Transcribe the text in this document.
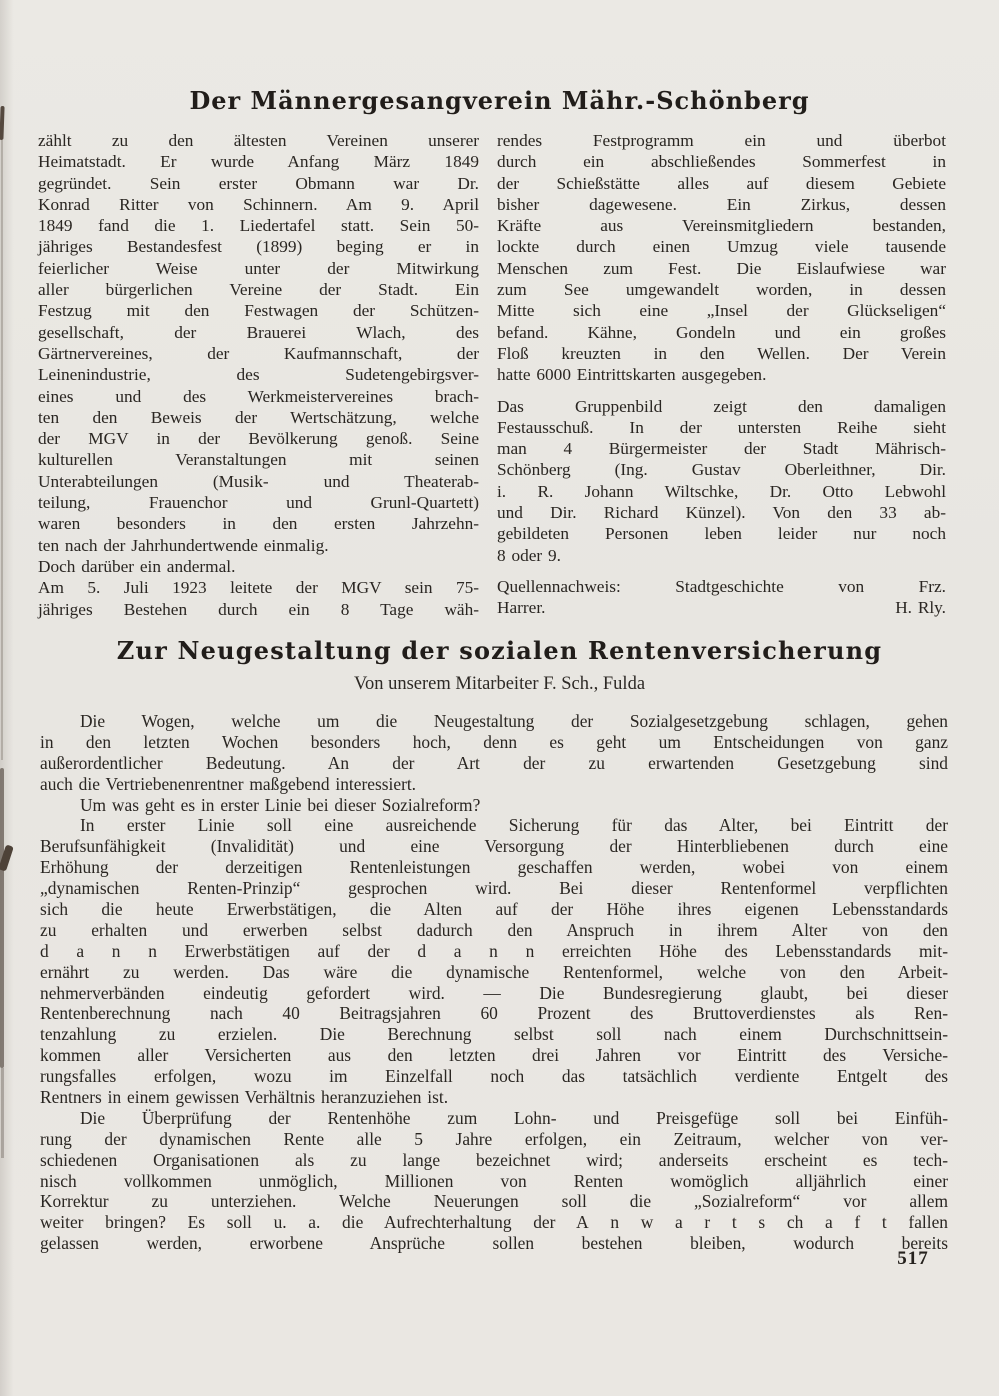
Der Männergesangverein Mähr.-Schönberg
zählt zu den ältesten Vereinen unserer
Heimatstadt. Er wurde Anfang März 1849
gegründet. Sein erster Obmann war Dr.
Konrad Ritter von Schinnern. Am 9. April
1849 fand die 1. Liedertafel statt. Sein 50-
jähriges Bestandesfest (1899) beging er in
feierlicher Weise unter der Mitwirkung
aller bürgerlichen Vereine der Stadt. Ein
Festzug mit den Festwagen der Schützen-
gesellschaft, der Brauerei Wlach, des
Gärtnervereines, der Kaufmannschaft, der
Leinenindustrie, des Sudetengebirgsver-
eines und des Werkmeistervereines brach-
ten den Beweis der Wertschätzung, welche
der MGV in der Bevölkerung genoß. Seine
kulturellen Veranstaltungen mit seinen
Unterabteilungen (Musik- und Theaterab-
teilung, Frauenchor und Grunl-Quartett)
waren besonders in den ersten Jahrzehn-
ten nach der Jahrhundertwende einmalig.
Doch darüber ein andermal.
Am 5. Juli 1923 leitete der MGV sein 75-
jähriges Bestehen durch ein 8 Tage wäh-
rendes Festprogramm ein und überbot
durch ein abschließendes Sommerfest in
der Schießstätte alles auf diesem Gebiete
bisher dagewesene. Ein Zirkus, dessen
Kräfte aus Vereinsmitgliedern bestanden,
lockte durch einen Umzug viele tausende
Menschen zum Fest. Die Eislaufwiese war
zum See umgewandelt worden, in dessen
Mitte sich eine „Insel der Glückseligen“
befand. Kähne, Gondeln und ein großes
Floß kreuzten in den Wellen. Der Verein
hatte 6000 Eintrittskarten ausgegeben.
Das Gruppenbild zeigt den damaligen
Festausschuß. In der untersten Reihe sieht
man 4 Bürgermeister der Stadt Mährisch-
Schönberg (Ing. Gustav Oberleithner, Dir.
i. R. Johann Wiltschke, Dr. Otto Lebwohl
und Dir. Richard Künzel). Von den 33 ab-
gebildeten Personen leben leider nur noch
8 oder 9.
Quellennachweis: Stadtgeschichte von Frz.
Harrer.	H. Rly.
Zur Neugestaltung der sozialen Rentenversicherung
Von unserem Mitarbeiter F. Sch., Fulda
Die Wogen, welche um die Neugestaltung der Sozialgesetzgebung schlagen, gehen
in den letzten Wochen besonders hoch, denn es geht um Entscheidungen von ganz
außerordentlicher Bedeutung. An der Art der zu erwartenden Gesetzgebung sind
auch die Vertriebenenrentner maßgebend interessiert.
Um was geht es in erster Linie bei dieser Sozialreform?
In erster Linie soll eine ausreichende Sicherung für das Alter, bei Eintritt der
Berufsunfähigkeit (Invalidität) und eine Versorgung der Hinterbliebenen durch eine
Erhöhung der derzeitigen Rentenleistungen geschaffen werden, wobei von einem
„dynamischen Renten-Prinzip“ gesprochen wird. Bei dieser Rentenformel verpflichten
sich die heute Erwerbstätigen, die Alten auf der Höhe ihres eigenen Lebensstandards
zu erhalten und erwerben selbst dadurch den Anspruch in ihrem Alter von den
d a n n Erwerbstätigen auf der d a n n erreichten Höhe des Lebensstandards mit-
ernährt zu werden. Das wäre die dynamische Rentenformel, welche von den Arbeit-
nehmerverbänden eindeutig gefordert wird. — Die Bundesregierung glaubt, bei dieser
Rentenberechnung nach 40 Beitragsjahren 60 Prozent des Bruttoverdienstes als Ren-
tenzahlung zu erzielen. Die Berechnung selbst soll nach einem Durchschnittsein-
kommen aller Versicherten aus den letzten drei Jahren vor Eintritt des Versiche-
rungsfalles erfolgen, wozu im Einzelfall noch das tatsächlich verdiente Entgelt des
Rentners in einem gewissen Verhältnis heranzuziehen ist.
Die Überprüfung der Rentenhöhe zum Lohn- und Preisgefüge soll bei Einfüh-
rung der dynamischen Rente alle 5 Jahre erfolgen, ein Zeitraum, welcher von ver-
schiedenen Organisationen als zu lange bezeichnet wird; anderseits erscheint es tech-
nisch vollkommen unmöglich, Millionen von Renten womöglich alljährlich einer
Korrektur zu unterziehen. Welche Neuerungen soll die „Sozialreform“ vor allem
weiter bringen? Es soll u. a. die Aufrechterhaltung der A n w a r t s ch a f t fallen
gelassen werden, erworbene Ansprüche sollen bestehen bleiben, wodurch bereits
517
